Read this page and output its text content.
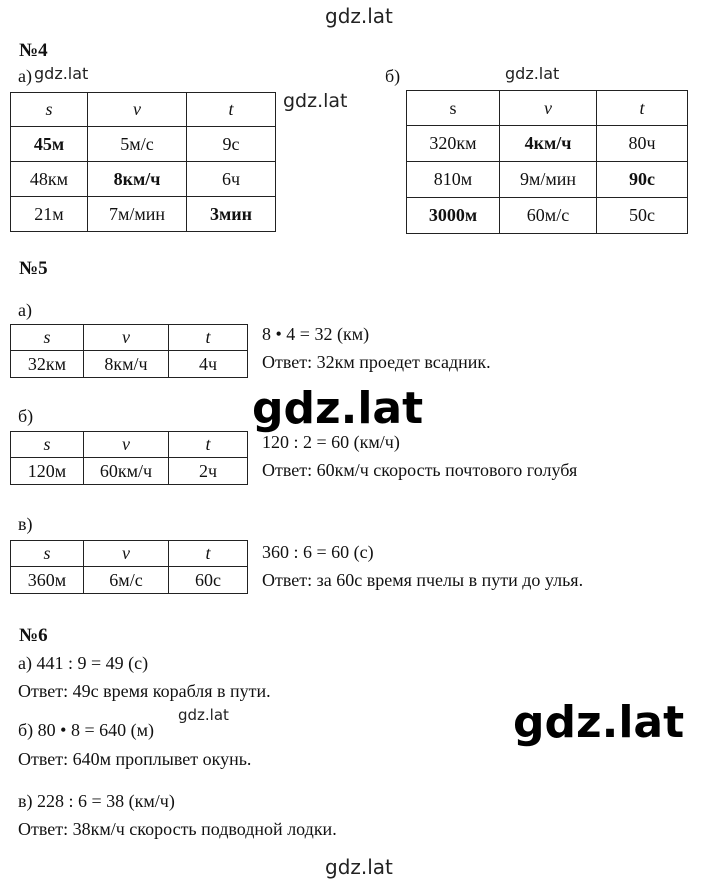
gdz.lat
gdz.lat
gdz.lat
gdz.lat
gdz.lat
gdz.lat
gdz.lat
gdz.lat
№4
а)	б)
s	v	t
45м	5м/с	9с
48км	8км/ч	6ч
21м	7м/мин	3мин
s	v	t
320км	4км/ч	80ч
810м	9м/мин	90с
3000м	60м/с	50с
№5
а)
s	v	t
32км	8км/ч	4ч
8 • 4 = 32 (км)
Ответ: 32км проедет всадник.
б)
s	v	t
120м	60км/ч	2ч
120 : 2 = 60 (км/ч)
Ответ: 60км/ч скорость почтового голубя
в)
s	v	t
360м	6м/с	60с
360 : 6 = 60 (с)
Ответ: за 60с время пчелы в пути до улья.
№6
а) 441 : 9 = 49 (с)
Ответ: 49с время корабля в пути.
б) 80 • 8 = 640 (м)
Ответ: 640м проплывет окунь.
в) 228 : 6 = 38 (км/ч)
Ответ: 38км/ч скорость подводной лодки.
